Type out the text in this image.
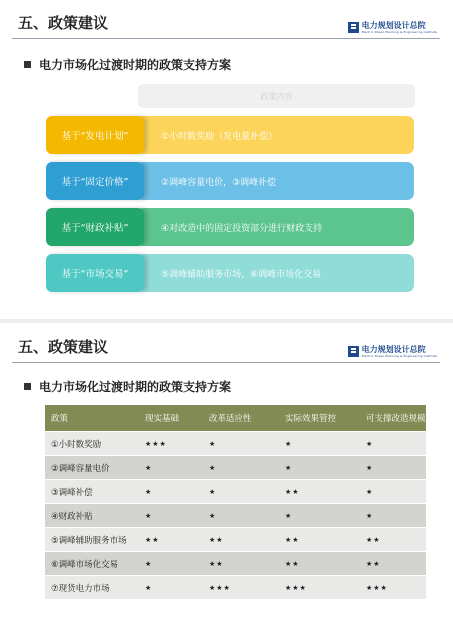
五、政策建议	电力规划设计总院
Electric Power Planning & Engineering Institute
电力市场化过渡时期的政策支持方案
政策内容
①小时数奖励（发电量补偿）
基于“发电计划”
②调峰容量电价，③调峰补偿
基于“固定价格”
④对改造中的固定投资部分进行财政支持
基于“财政补贴”
⑤调峰辅助服务市场，⑥调峰市场化交易
基于“市场交易”
五、政策建议	电力规划设计总院
Electric Power Planning & Engineering Institute
电力市场化过渡时期的政策支持方案
政策	现实基础	改革适应性	实际效果管控	可支撑改造规模
①小时数奖励	★★★	★	★	★
②调峰容量电价	★	★	★	★
③调峰补偿	★	★	★★	★
④财政补贴	★	★	★	★
⑤调峰辅助服务市场	★★	★★	★★	★★
⑥调峰市场化交易	★	★★	★★	★★
⑦现货电力市场	★	★★★	★★★	★★★
